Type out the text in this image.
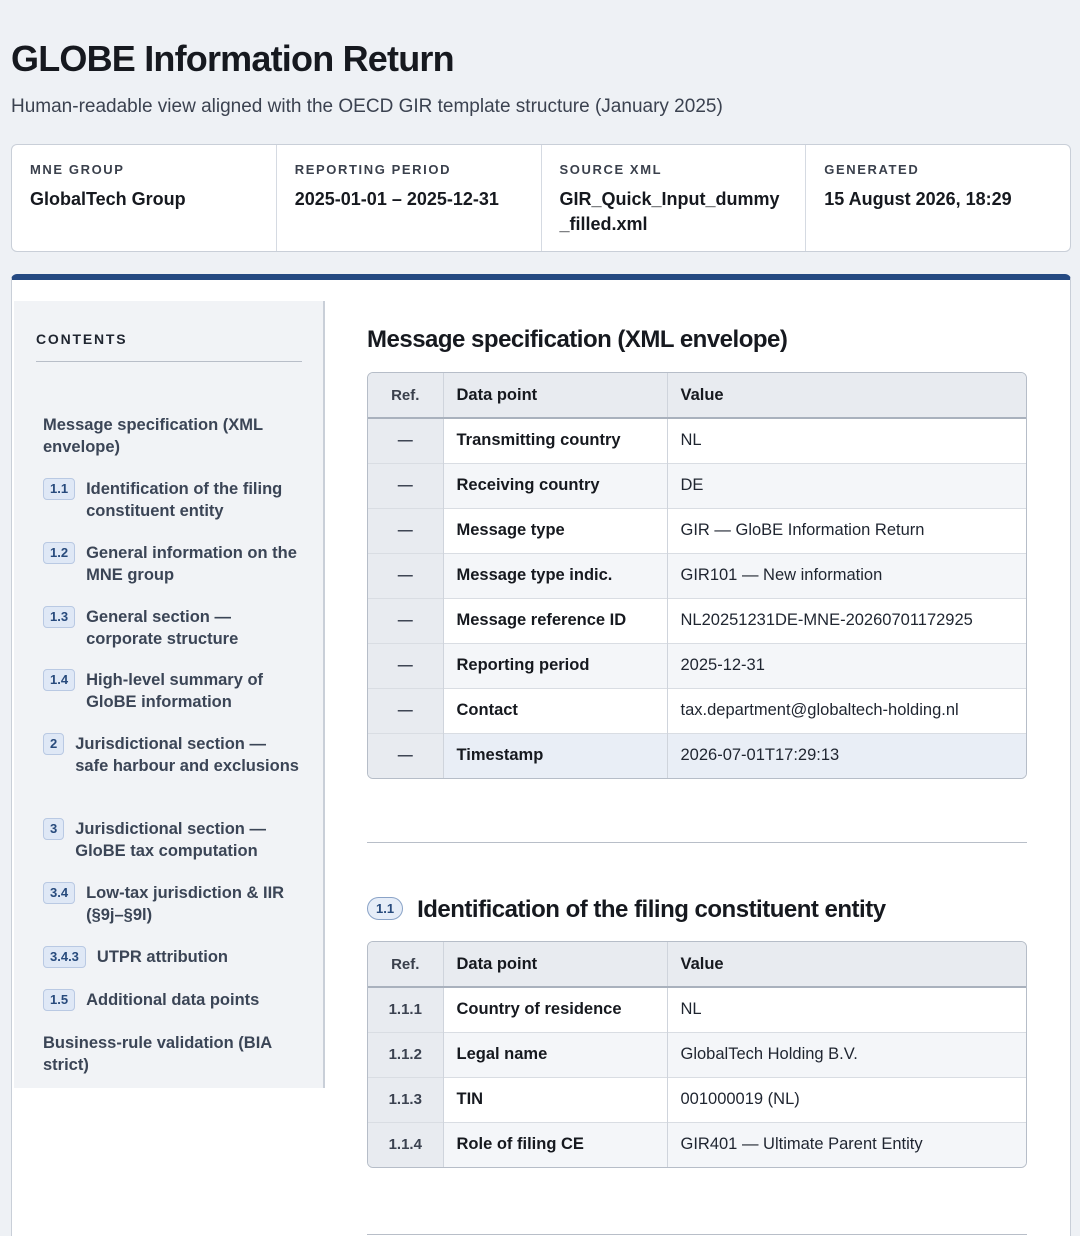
GLOBE Information Return
Human-readable view aligned with the OECD GIR template structure (January 2025)
MNE GROUP
GlobalTech Group
REPORTING PERIOD
2025-01-01 – 2025-12-31
SOURCE XML
GIR_Quick_Input_dummy_filled.xml
GENERATED
15 August 2026, 18:29
CONTENTS
Message specification (XML envelope)
1.1	Identification of the filing constituent entity
1.2	General information on the MNE group
1.3	General section — corporate structure
1.4	High-level summary of GloBE information
2	Jurisdictional section — safe harbour and exclusions
3	Jurisdictional section — GloBE tax computation
3.4	Low-tax jurisdiction & IIR (§9j–§9l)
3.4.3	UTPR attribution
1.5	Additional data points
Business-rule validation (BIA strict)
Message specification (XML envelope)
Ref.	Data point	Value
—	Transmitting country	NL
—	Receiving country	DE
—	Message type	GIR — GloBE Information Return
—	Message type indic.	GIR101 — New information
—	Message reference ID	NL20251231DE-MNE-20260701172925
—	Reporting period	2025-12-31
—	Contact	tax.department@globaltech-holding.nl
—	Timestamp	2026-07-01T17:29:13
1.1 Identification of the filing constituent entity
Ref.	Data point	Value
1.1.1	Country of residence	NL
1.1.2	Legal name	GlobalTech Holding B.V.
1.1.3	TIN	001000019 (NL)
1.1.4	Role of filing CE	GIR401 — Ultimate Parent Entity
